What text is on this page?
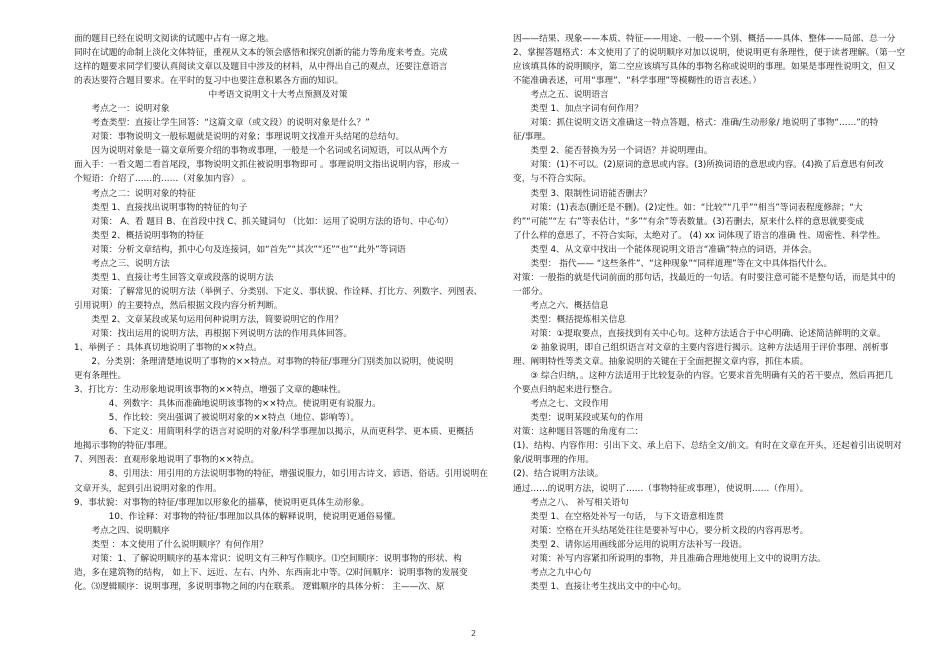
面的题目已经在说明文阅读的试题中占有一席之地。
同时在试题的命制上淡化文体特征，重视从文本的领会感悟和探究创新的能力等角度来考查。完成
这样的题要求同学们要认真阅读文章以及题目中涉及的材料，从中得出自己的观点，还要注意语言
的表达要符合题目要求。在平时的复习中也要注意积累各方面的知识。
中考语文说明文十大考点预测及对策
考点之一：说明对象
考查类型：直接让学生回答：“这篇文章（或文段）的说明对象是什么？”
对策：事物说明文一般标题就是说明的对象；事理说明文找准开头结尾的总结句。
因为说明对象是一篇文章所要介绍的事物或事理，一般是一个名词或名词短语，可以从两个方
面入手：一看文题二看首尾段，事物说明文抓住被说明事物即可 。事理说明文指出说明内容，形成一
个短语：介绍了……的……（对象加内容） 。
考点之二：说明对象的特征
类型 1、直接找出说明事物的特征的句子
对策： A、看 题目 B、在首段中找 C、抓关键词句 （比如：运用了说明方法的语句、中心句）
类型 2、概括说明事物的特征
对策：分析文章结构，抓中心句及连接词，如“首先”“其次”“还”“也”“此外”等词语
考点之三、说明方法
类型 1、直接让考生回答文章或段落的说明方法
对策：了解常见的说明方法（举例子、分类别、下定义、事状貌、作诠释、打比方、列数字、列图表、
引用说明）的主要特点，然后根据文段内容分析判断。
类型 2、文章某段或某句运用何种说明方法，简要说明它的作用？
对策：找出运用的说明方法，再根据下列说明方法的作用具体回答。
1、举例子 ：具体真切地说明了事物的××特点。
2、分类别：条理清楚地说明了事物的××特点。对事物的特征/事理分门别类加以说明，使说明
更有条理性。
3、打比方：生动形象地说明该事物的××特点，增强了文章的趣味性。
4、列数字：具体而准确地说明该事物的××特点。使说明更有说服力。
5、作比较：突出强调了被说明对象的××特点（地位、影响等）。
6、下定义：用简明科学的语言对说明的对象/科学事理加以揭示，从而更科学、更本质、更概括
地揭示事物的特征/事理。
7、列图表：直观形象地说明了事物的××特点。
8、引用法：用引用的方法说明事物的特征，增强说服力，如引用古诗文、谚语、俗话。引用说明在
文章开头，起到引出说明对象的作用。
9、事状貌：对事物的特征/事理加以形象化的描摹，使说明更具体生动形象。
10、作诠释：对事物的特征/事理加以具体的解释说明，使说明更通俗易懂。
考点之四、说明顺序
类型 ：本文使用了什么说明顺序？有何作用？
对策：1、了解说明顺序的基本常识：说明文有三种写作顺序。⑴空间顺序：说明事物的形状、构
造，多在建筑物的结构， 如上下、远近、左右、内外、东西南北中等。⑵时间顺序：说明事物的发展变
化。⑶逻辑顺序：说明事理，多说明事物之间的内在联系。 逻辑顺序的具体分析： 主——次、原
因——结果、现象——本质、特征——用途、一般——个别、概括——具体、整体——局部、总一分
2、掌握答题格式：本文使用了了的说明顺序对加以说明，使说明更有条理性，便于读者理解。（第一空
应该填具体的说明顺序，第二空应该填写具体的事物名称或说明的事理。如果是事理性说明文，但又
不能准确表述，可用“事理”、“科学事理”等模糊性的语言表述。）
考点之五、说明语言
类型 1、加点字词有何作用？
对策：抓住说明文语文准确这一特点答题，格式：准确/生动形象/ 地说明了事物“……”的特
征/事理。
类型 2、能否替换为另一个词语？并说明理由。
对策：(1)不可以。(2)原词的意思或内容。(3)所换词语的意思或内容。(4)换了后意思有何改
变，与不符合实际。
类型 3、限制性词语能否删去？
对策：(1)表态(删还是不删)。(2)定性。如：“比较”“几乎”“相当”等词表程度修辞；“大
约”“可能”“左 右”等表估计，“多”“有余”等表数量。(3)若删去，原来什么样的意思就要变成
了什么样的意思了，不符合实际，太绝对了。 (4) xx 词体现了语言的准确 性、周密性、科学性。
类型 4、从文章中找出一个能体现说明文语言“准确”特点的词语，并体会。
类型： 指代—— “这些条件”、“这种现象”“同样道理”等在文中具体指代什么。
对策：一般指的就是代词前面的那句话，找最近的一句话。有时要注意可能不是整句话，而是其中的
一部分。
考点之六、概括信息
类型：概括提炼相关信息
对策：①提取要点，直接找到有关中心句。这种方法适合于中心明确、论述简洁鲜明的文章。
② 抽象说明，即自己组织语言对文章的主要内容进行揭示。这种方法适用于评价事理、剖析事
理、阐明特性等类文章。抽象说明的关键在于全面把握文章内容，抓住本质。
③ 综合归纳，。这种方法适用于比较复杂的内容。它要求首先明确有关的若干要点，然后再把几
个要点归纳起来进行整合。
考点之七、文段作用
类型：说明某段或某句的作用
对策：这种题目答题的角度有二：
(1)、结构、内容作用：引出下文、承上启下、总结全文/前文。有时在文章在开头，还起着引出说明对
象/说明事理的作用。
(2)、结合说明方法谈。
通过……的说明方法，说明了……（事物特征或事理），使说明……（作用）。
考点之八、 补写相关语句
类型 1、在空格处补写一句话， 与下文语意相连贯
对策：空格在开头结尾处往往是要补写中心，要分析文段的内容再思考。
类型 2、请你运用画线部分运用的说明方法补写一段语。
对策：补写内容紧扣所说明的事物，并且准确合理地使用上文中的说明方法。
考点之九中心句
类型 1、直接让考生找出文中的中心句。
2
